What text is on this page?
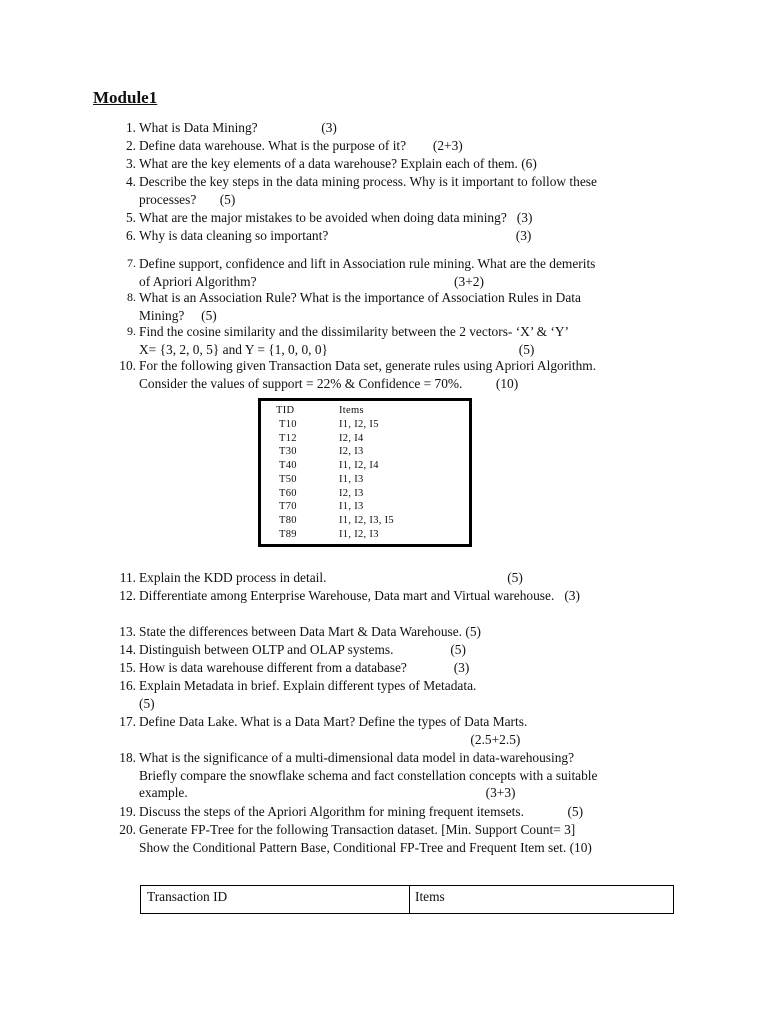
Module1
1. What is Data Mining?                   (3)
2. Define data warehouse. What is the purpose of it?        (2+3)
3. What are the key elements of a data warehouse? Explain each of them. (6)
4. Describe the key steps in the data mining process. Why is it important to follow these
processes?       (5)
5. What are the major mistakes to be avoided when doing data mining?   (3)
6. Why is data cleaning so important?                                                        (3)
7. Define support, confidence and lift in Association rule mining. What are the demerits
of Apriori Algorithm?                                                           (3+2)
8. What is an Association Rule? What is the importance of Association Rules in Data
Mining?     (5)
9. Find the cosine similarity and the dissimilarity between the 2 vectors- ‘X’ & ‘Y’
X= {3, 2, 0, 5} and Y = {1, 0, 0, 0}                                                         (5)
10. For the following given Transaction Data set, generate rules using Apriori Algorithm.
Consider the values of support = 22% & Confidence = 70%.          (10)
11. Explain the KDD process in detail.                                                      (5)
12. Differentiate among Enterprise Warehouse, Data mart and Virtual warehouse.   (3)
13. State the differences between Data Mart & Data Warehouse. (5)
14. Distinguish between OLTP and OLAP systems.                 (5)
15. How is data warehouse different from a database?              (3)
16. Explain Metadata in brief. Explain different types of Metadata.
(5)
17. Define Data Lake. What is a Data Mart? Define the types of Data Marts.
(2.5+2.5)
18. What is the significance of a multi-dimensional data model in data-warehousing?
Briefly compare the snowflake schema and fact constellation concepts with a suitable
example.                                                                                         (3+3)
19. Discuss the steps of the Apriori Algorithm for mining frequent itemsets.             (5)
20. Generate FP-Tree for the following Transaction dataset. [Min. Support Count= 3]
Show the Conditional Pattern Base, Conditional FP-Tree and Frequent Item set. (10)
TID	Items
T10	I1, I2, I5
T12	I2, I4
T30	I2, I3
T40	I1, I2, I4
T50	I1, I3
T60	I2, I3
T70	I1, I3
T80	I1, I2, I3, I5
T89	I1, I2, I3
Transaction ID	Items
